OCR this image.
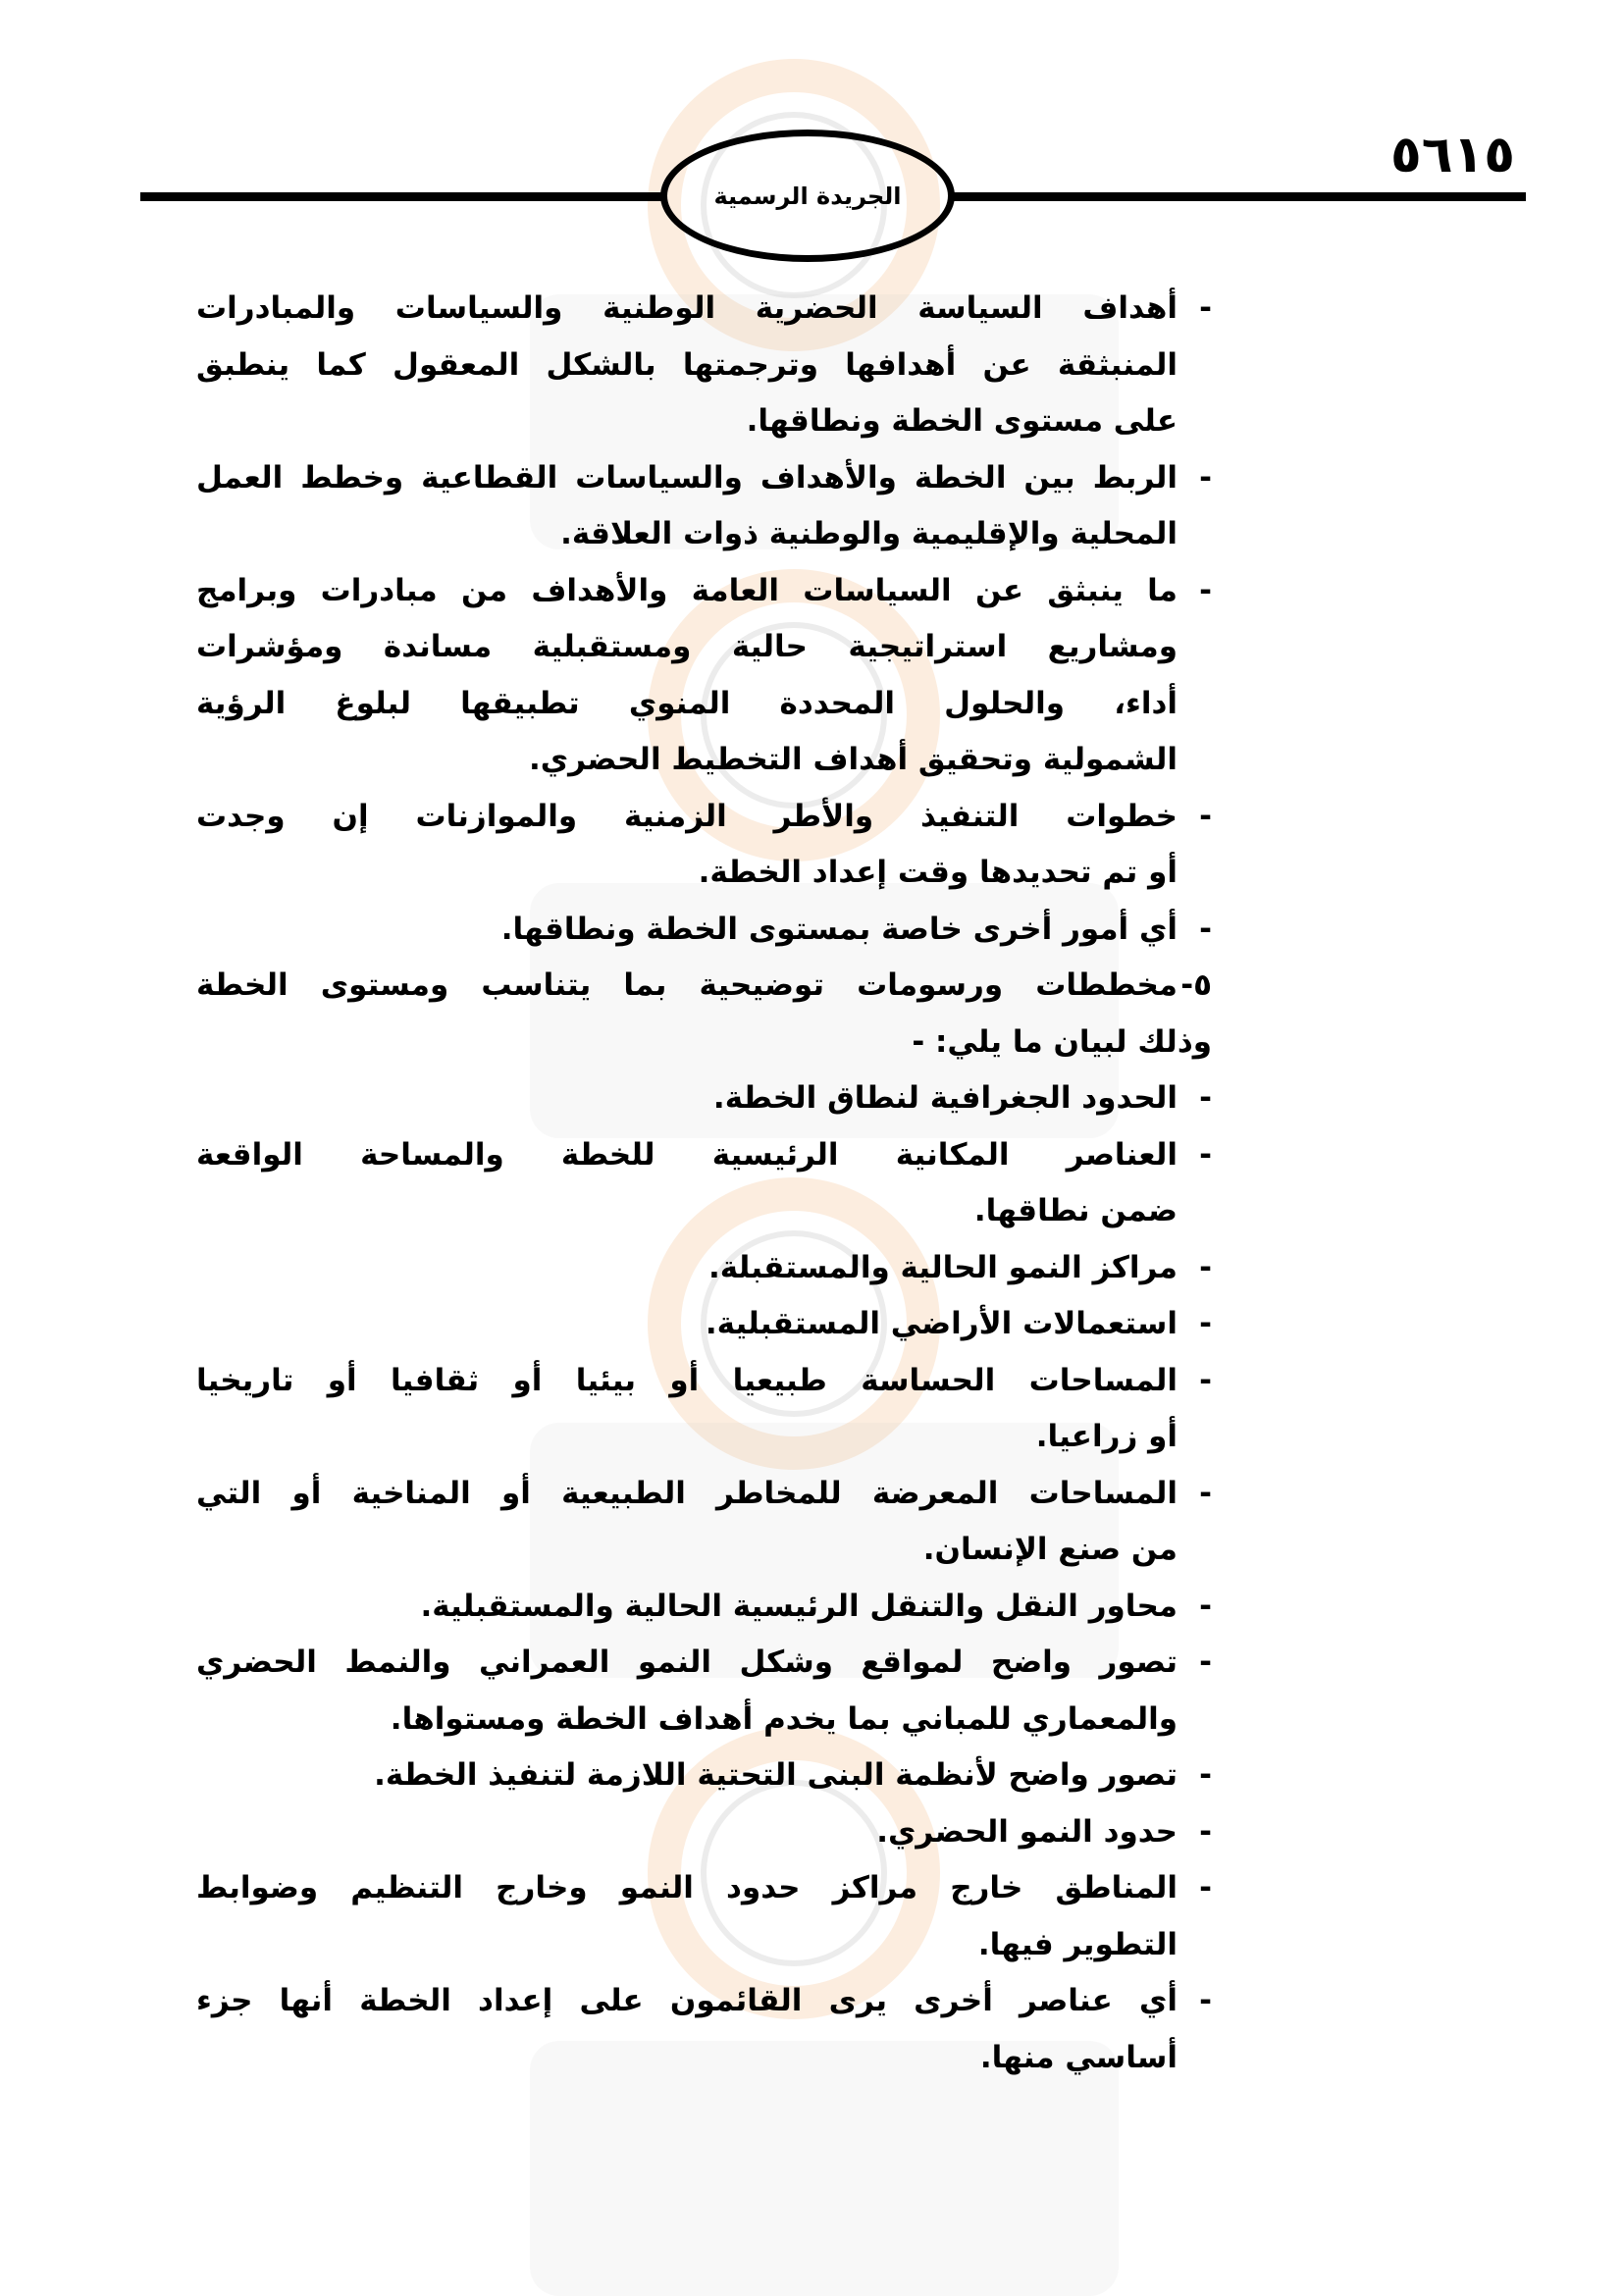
٥٦١٥
الجريدة الرسمية
-
أهداف السياسة الحضرية الوطنية والسياسات والمبادرات
المنبثقة عن أهدافها وترجمتها بالشكل المعقول كما ينطبق
على مستوى الخطة ونطاقها.
-
الربط بين الخطة والأهداف والسياسات القطاعية وخطط العمل
المحلية والإقليمية والوطنية ذوات العلاقة.
-
ما ينبثق عن السياسات العامة والأهداف من مبادرات وبرامج
ومشاريع استراتيجية حالية ومستقبلية مساندة ومؤشرات
أداء، والحلول المحددة المنوي تطبيقها لبلوغ الرؤية
الشمولية وتحقيق أهداف التخطيط الحضري.
-
خطوات التنفيذ والأطر الزمنية والموازنات إن وجدت
أو تم تحديدها وقت إعداد الخطة.
-
أي أمور أخرى خاصة بمستوى الخطة ونطاقها.
٥-
مخططات ورسومات توضيحية بما يتناسب ومستوى الخطة
وذلك لبيان ما يلي: -
-
الحدود الجغرافية لنطاق الخطة.
-
العناصر المكانية الرئيسية للخطة والمساحة الواقعة
ضمن نطاقها.
-
مراكز النمو الحالية والمستقبلة.
-
استعمالات الأراضي المستقبلية.
-
المساحات الحساسة طبيعيا أو بيئيا أو ثقافيا أو تاريخيا
أو زراعيا.
-
المساحات المعرضة للمخاطر الطبيعية أو المناخية أو التي
من صنع الإنسان.
-
محاور النقل والتنقل الرئيسية الحالية والمستقبلية.
-
تصور واضح لمواقع وشكل النمو العمراني والنمط الحضري
والمعماري للمباني بما يخدم أهداف الخطة ومستواها.
-
تصور واضح لأنظمة البنى التحتية اللازمة لتنفيذ الخطة.
-
حدود النمو الحضري.
-
المناطق خارج مراكز حدود النمو وخارج التنظيم وضوابط
التطوير فيها.
-
أي عناصر أخرى يرى القائمون على إعداد الخطة أنها جزء
أساسي منها.
